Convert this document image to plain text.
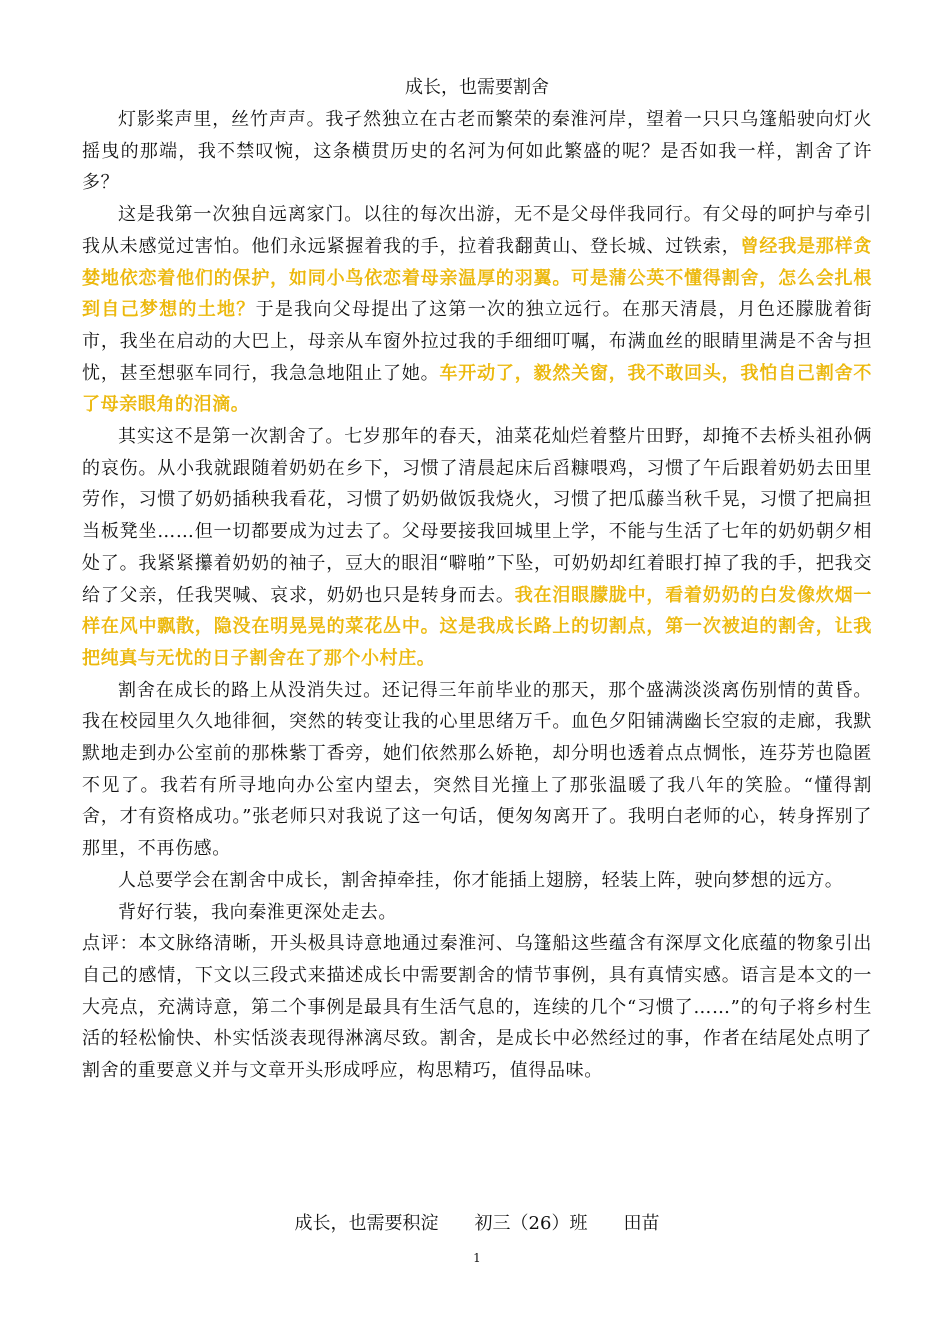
成长，也需要割舍

灯影桨声里，丝竹声声。我孑然独立在古老而繁荣的秦淮河岸，望着一只只乌篷船驶向灯火摇曳的那端，我不禁叹惋，这条横贯历史的名河为何如此繁盛的呢？是否如我一样，割舍了许多？

这是我第一次独自远离家门。以往的每次出游，无不是父母伴我同行。有父母的呵护与牵引我从未感觉过害怕。他们永远紧握着我的手，拉着我翻黄山、登长城、过铁索，曾经我是那样贪婪地依恋着他们的保护，如同小鸟依恋着母亲温厚的羽翼。可是蒲公英不懂得割舍，怎么会扎根到自己梦想的土地？于是我向父母提出了这第一次的独立远行。在那天清晨，月色还朦胧着街市，我坐在启动的大巴上，母亲从车窗外拉过我的手细细叮嘱，布满血丝的眼睛里满是不舍与担忧，甚至想驱车同行，我急急地阻止了她。车开动了，毅然关窗，我不敢回头，我怕自己割舍不了母亲眼角的泪滴。

其实这不是第一次割舍了。七岁那年的春天，油菜花灿烂着整片田野，却掩不去桥头祖孙俩的哀伤。从小我就跟随着奶奶在乡下，习惯了清晨起床后舀糠喂鸡，习惯了午后跟着奶奶去田里劳作，习惯了奶奶插秧我看花，习惯了奶奶做饭我烧火，习惯了把瓜藤当秋千晃，习惯了把扁担当板凳坐……但一切都要成为过去了。父母要接我回城里上学，不能与生活了七年的奶奶朝夕相处了。我紧紧攥着奶奶的袖子，豆大的眼泪“噼啪”下坠，可奶奶却红着眼打掉了我的手，把我交给了父亲，任我哭喊、哀求，奶奶也只是转身而去。我在泪眼朦胧中，看着奶奶的白发像炊烟一样在风中飘散，隐没在明晃晃的菜花丛中。这是我成长路上的切割点，第一次被迫的割舍，让我把纯真与无忧的日子割舍在了那个小村庄。

割舍在成长的路上从没消失过。还记得三年前毕业的那天，那个盛满淡淡离伤别情的黄昏。我在校园里久久地徘徊，突然的转变让我的心里思绪万千。血色夕阳铺满幽长空寂的走廊，我默默地走到办公室前的那株紫丁香旁，她们依然那么娇艳，却分明也透着点点惆怅，连芬芳也隐匿不见了。我若有所寻地向办公室内望去，突然目光撞上了那张温暖了我八年的笑脸。“懂得割舍，才有资格成功。”张老师只对我说了这一句话，便匆匆离开了。我明白老师的心，转身挥别了那里，不再伤感。

人总要学会在割舍中成长，割舍掉牵挂，你才能插上翅膀，轻装上阵，驶向梦想的远方。

背好行装，我向秦淮更深处走去。

点评：本文脉络清晰，开头极具诗意地通过秦淮河、乌篷船这些蕴含有深厚文化底蕴的物象引出自己的感情，下文以三段式来描述成长中需要割舍的情节事例，具有真情实感。语言是本文的一大亮点，充满诗意，第二个事例是最具有生活气息的，连续的几个“习惯了……”的句子将乡村生活的轻松愉快、朴实恬淡表现得淋漓尽致。割舍，是成长中必然经过的事，作者在结尾处点明了割舍的重要意义并与文章开头形成呼应，构思精巧，值得品味。

成长，也需要积淀　　初三（26）班　　田苗
1
